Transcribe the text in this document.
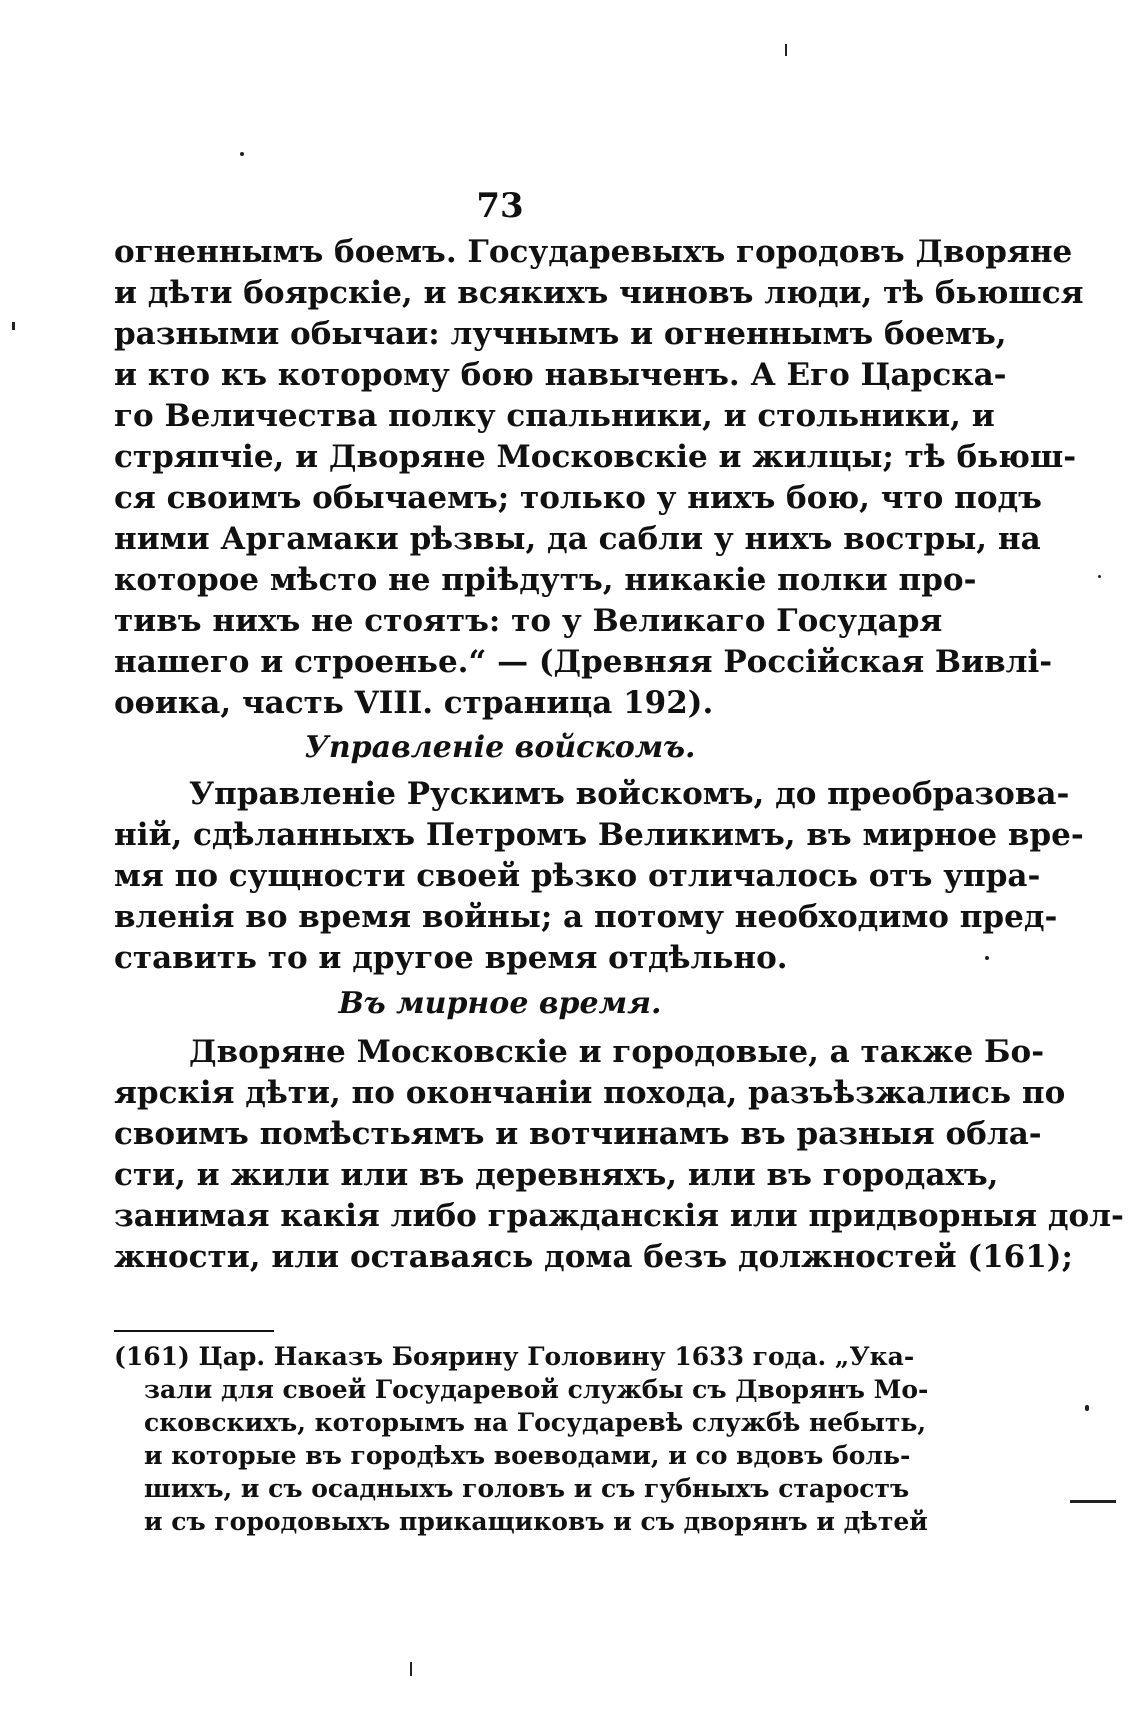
73
огненнымъ боемъ. Государевыхъ городовъ Дворяне
и дѣти боярскіе, и всякихъ чиновъ люди, тѣ бьюшся
разными обычаи: лучнымъ и огненнымъ боемъ,
и кто къ которому бою навыченъ. А Его Царска-
го Величества полку спальники, и стольники, и
стряпчіе, и Дворяне Московскіе и жилцы; тѣ бьюш-
ся своимъ обычаемъ; только у нихъ бою, что подъ
ними Аргамаки рѣзвы, да сабли у нихъ востры, на
которое мѣсто не пріѣдутъ, никакіе полки про-
тивъ нихъ не стоятъ: то у Великаго Государя
нашего и строенье.“ — (Древняя Россійская Вивлі-
оѳика, часть VIII. страница 192).
Управленіе войскомъ.
Управленіе Рускимъ войскомъ, до преобразова-
ній, сдѣланныхъ Петромъ Великимъ, въ мирное вре-
мя по сущности своей рѣзко отличалось отъ упра-
вленія во время войны; а потому необходимо пред-
ставить то и другое время отдѣльно.
Въ мирное время.
Дворяне Московскіе и городовые, а также Бо-
ярскія дѣти, по окончаніи похода, разъѣзжались по
своимъ помѣстьямъ и вотчинамъ въ разныя обла-
сти, и жили или въ деревняхъ, или въ городахъ,
занимая какія либо гражданскія или придворныя дол-
жности, или оставаясь дома безъ должностей (161);
(161) Цар. Наказъ Боярину Головину 1633 года. „Ука-
зали для своей Государевой службы съ Дворянъ Мо-
сковскихъ, которымъ на Государевѣ службѣ небыть,
и которые въ городѣхъ воеводами, и со вдовъ боль-
шихъ, и съ осадныхъ головъ и съ губныхъ старостъ
и съ городовыхъ прикащиковъ и съ дворянъ и дѣтей
